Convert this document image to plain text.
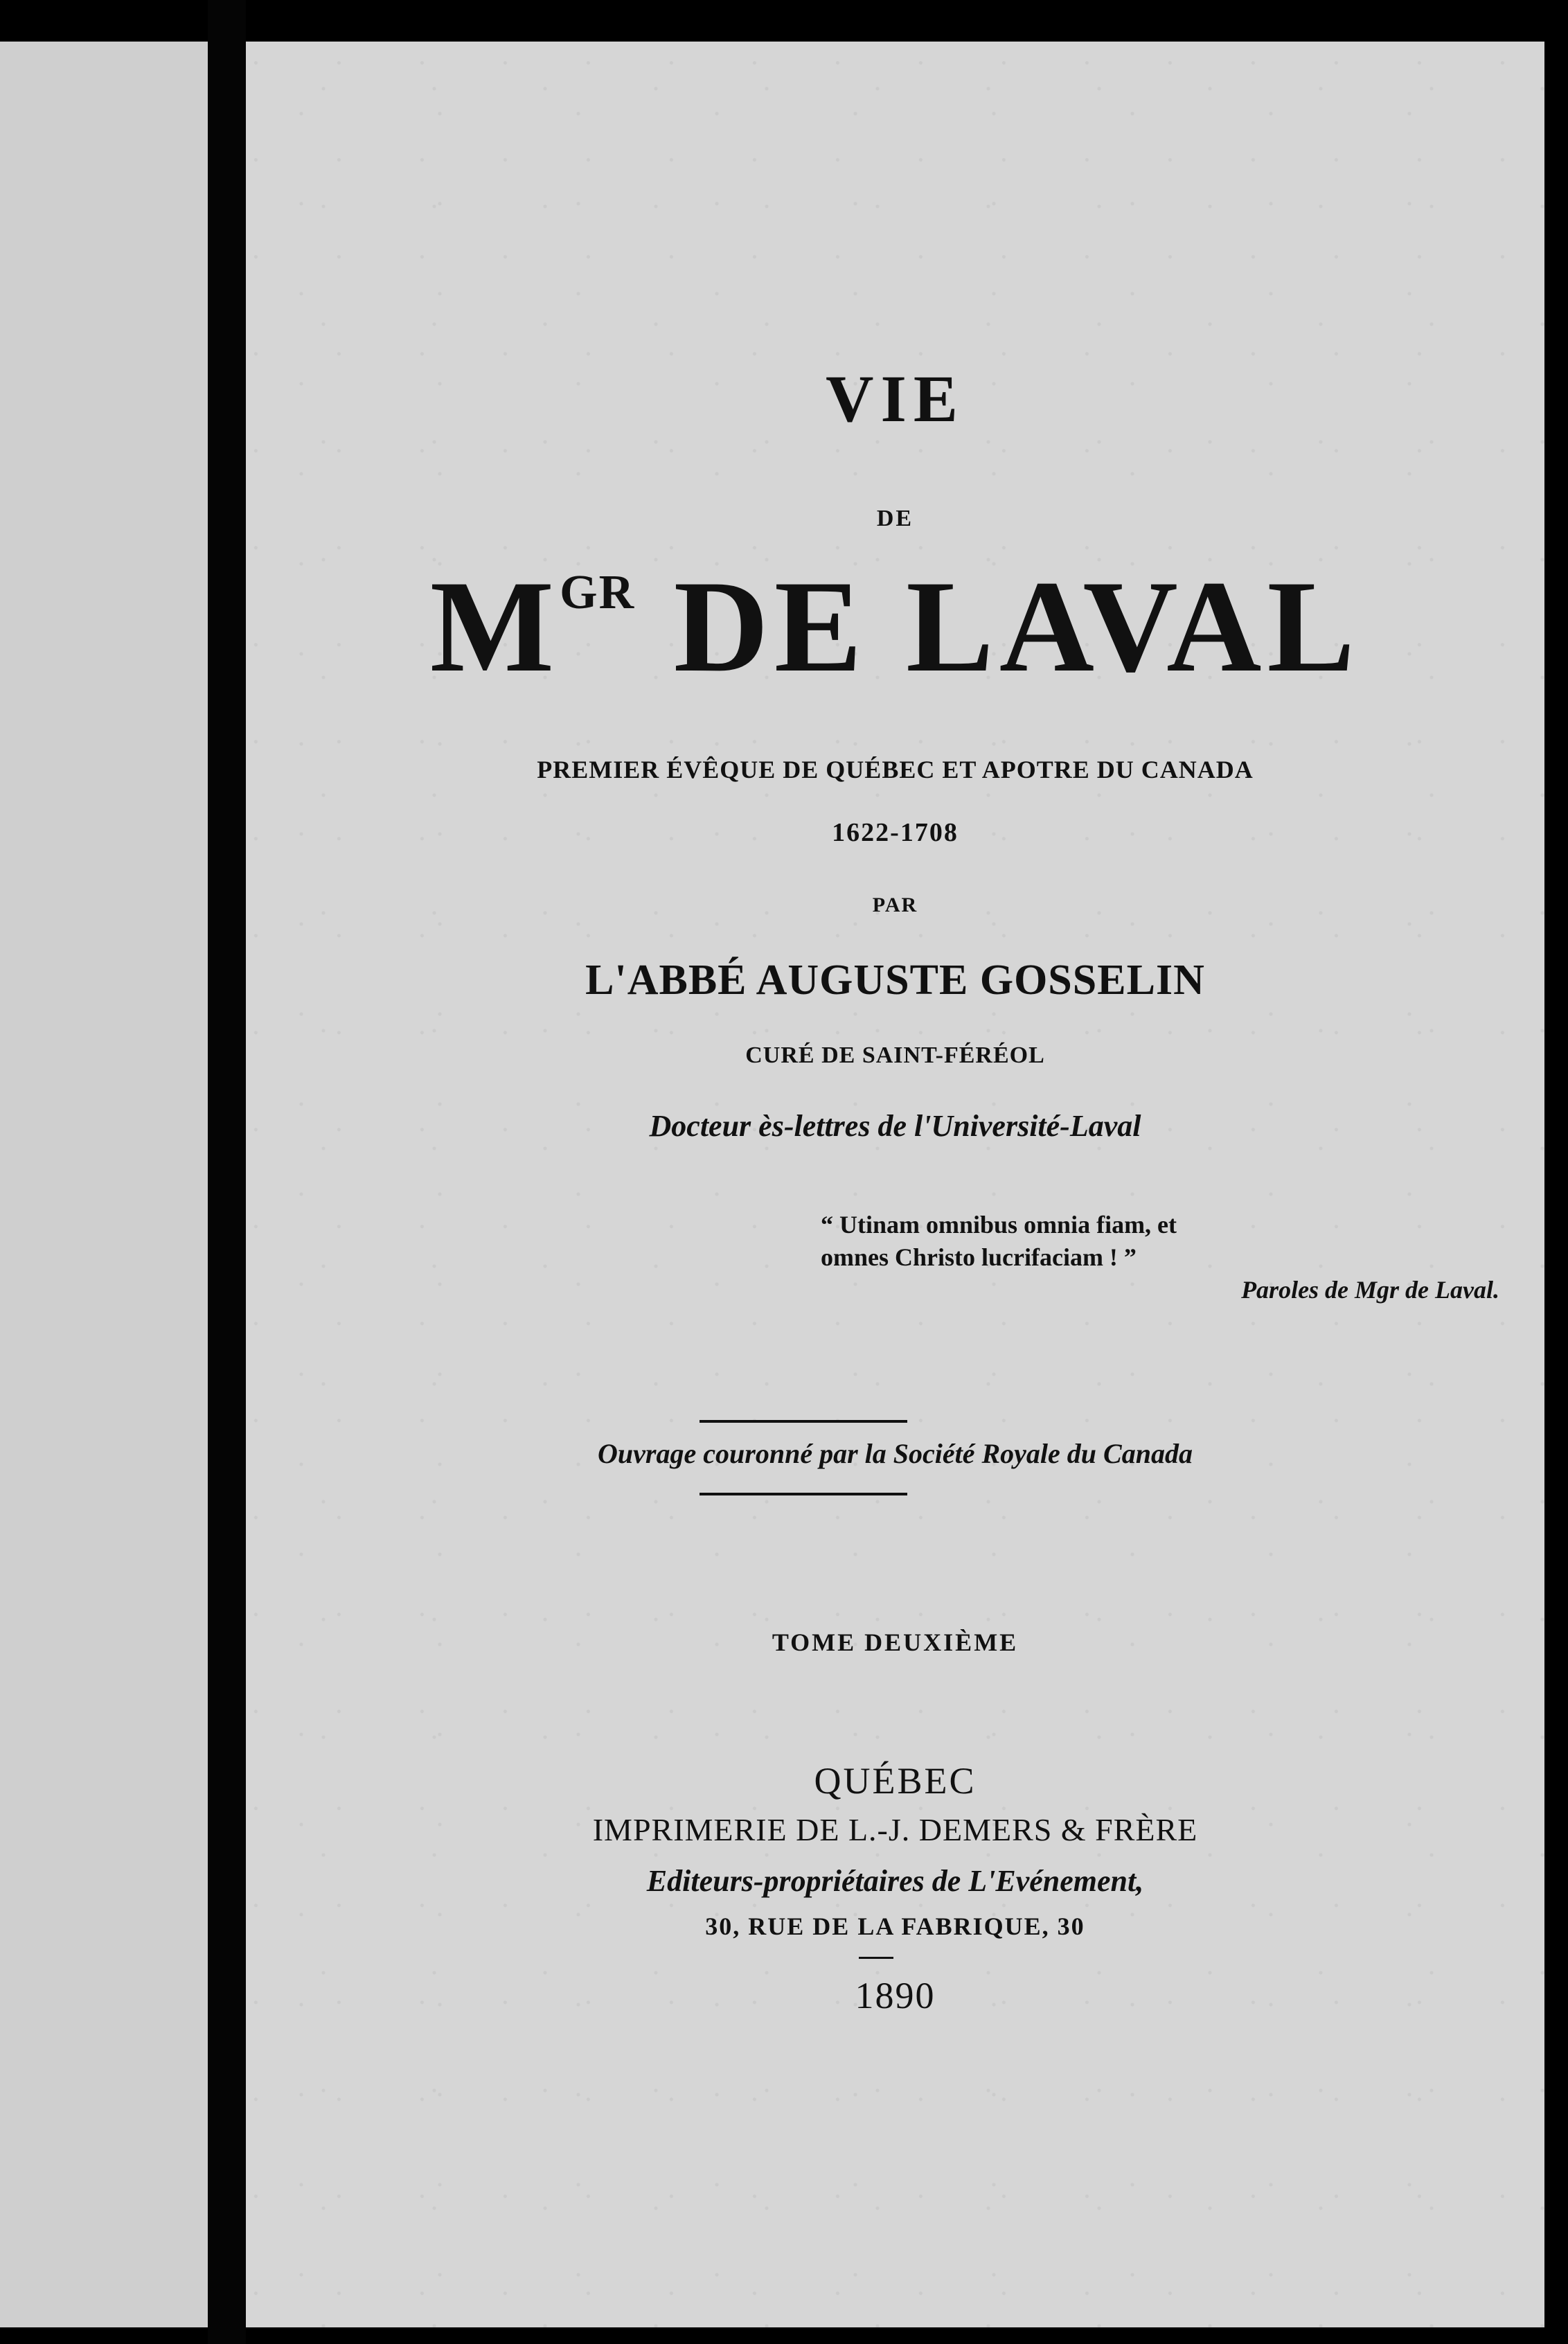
VIE
DE
$M^{GR}$ DE LAVAL
PREMIER ÉVÊQUE DE QUÉBEC ET APOTRE DU CANADA
1622-1708
PAR
L'ABBÉ AUGUSTE GOSSELIN
CURÉ DE SAINT-FÉRÉOL
Docteur ès-lettres de l'Université-Laval
“ Utinam omnibus omnia fiam, et
omnes Christo lucrifaciam ! ”
Paroles de Mgr de Laval.
Ouvrage couronné par la Société Royale du Canada
TOME DEUXIÈME
QUÉBEC
IMPRIMERIE DE L.-J. DEMERS & FRÈRE
Editeurs-propriétaires de L'Evénement,
30, RUE DE LA FABRIQUE, 30
1890
